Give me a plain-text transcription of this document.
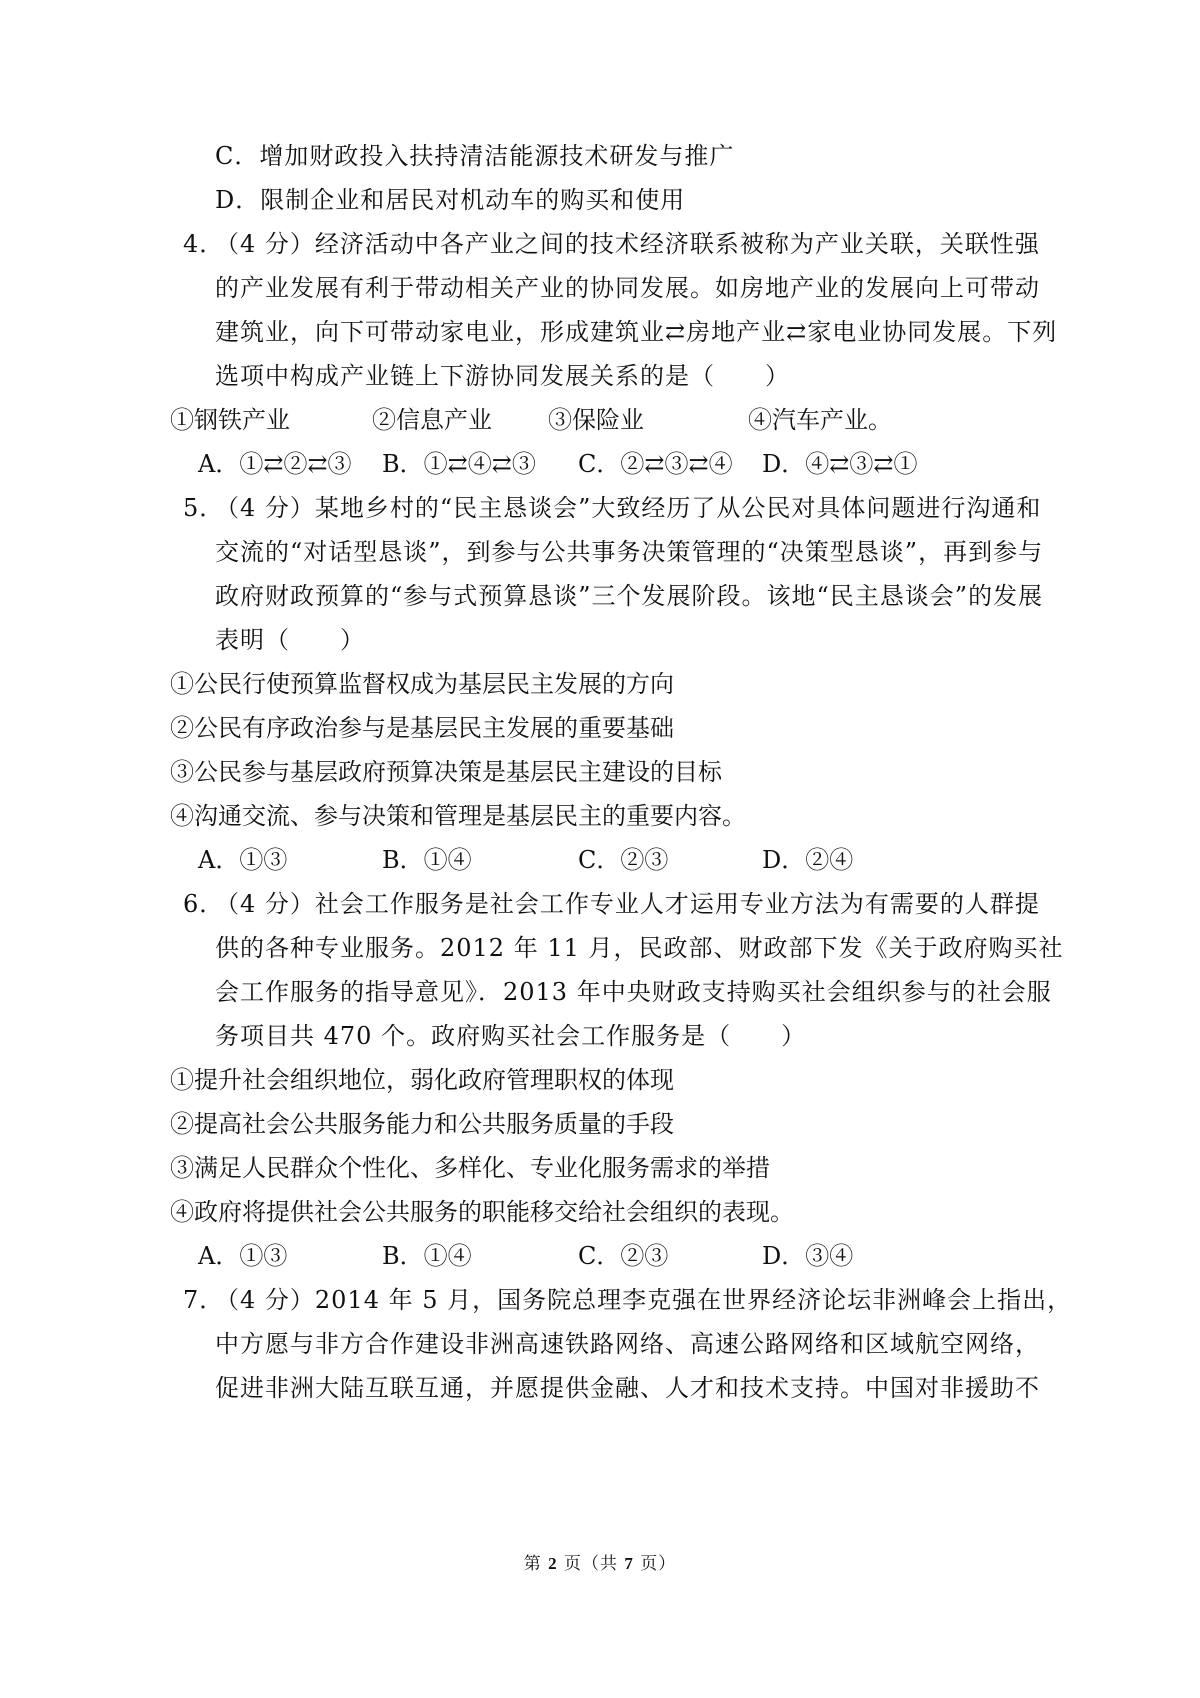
C．增加财政投入扶持清洁能源技术研发与推广
D．限制企业和居民对机动车的购买和使用
4．
（4 分）经济活动中各产业之间的技术经济联系被称为产业关联，关联性强
的产业发展有利于带动相关产业的协同发展。如房地产业的发展向上可带动
建筑业，向下可带动家电业，形成建筑业⇄房地产业⇄家电业协同发展。下列
选项中构成产业链上下游协同发展关系的是（　　）
①钢铁产业	②信息产业 ③保险业	④汽车产业。
A．①⇄②⇄③ B．①⇄④⇄③ C．②⇄③⇄④ D．④⇄③⇄①
5．
（4 分）某地乡村的“民主恳谈会”大致经历了从公民对具体问题进行沟通和
交流的“对话型恳谈”，到参与公共事务决策管理的“决策型恳谈”，再到参与
政府财政预算的“参与式预算恳谈”三个发展阶段。该地“民主恳谈会”的发展
表明（　　）
①公民行使预算监督权成为基层民主发展的方向
②公民有序政治参与是基层民主发展的重要基础
③公民参与基层政府预算决策是基层民主建设的目标
④沟通交流、参与决策和管理是基层民主的重要内容。
A．①③	B．①④	C．②③	D．②④
6．
（4 分）社会工作服务是社会工作专业人才运用专业方法为有需要的人群提
供的各种专业服务。2012 年 11 月，民政部、财政部下发《关于政府购买社
会工作服务的指导意见》．2013 年中央财政支持购买社会组织参与的社会服
务项目共 470 个。政府购买社会工作服务是（　　）
①提升社会组织地位，弱化政府管理职权的体现
②提高社会公共服务能力和公共服务质量的手段
③满足人民群众个性化、多样化、专业化服务需求的举措
④政府将提供社会公共服务的职能移交给社会组织的表现。
A．①③	B．①④	C．②③	D．③④
7．
（4 分）2014 年 5 月，国务院总理李克强在世界经济论坛非洲峰会上指出，
中方愿与非方合作建设非洲高速铁路网络、高速公路网络和区域航空网络，
促进非洲大陆互联互通，并愿提供金融、人才和技术支持。中国对非援助不
第 2 页（共 7 页）
